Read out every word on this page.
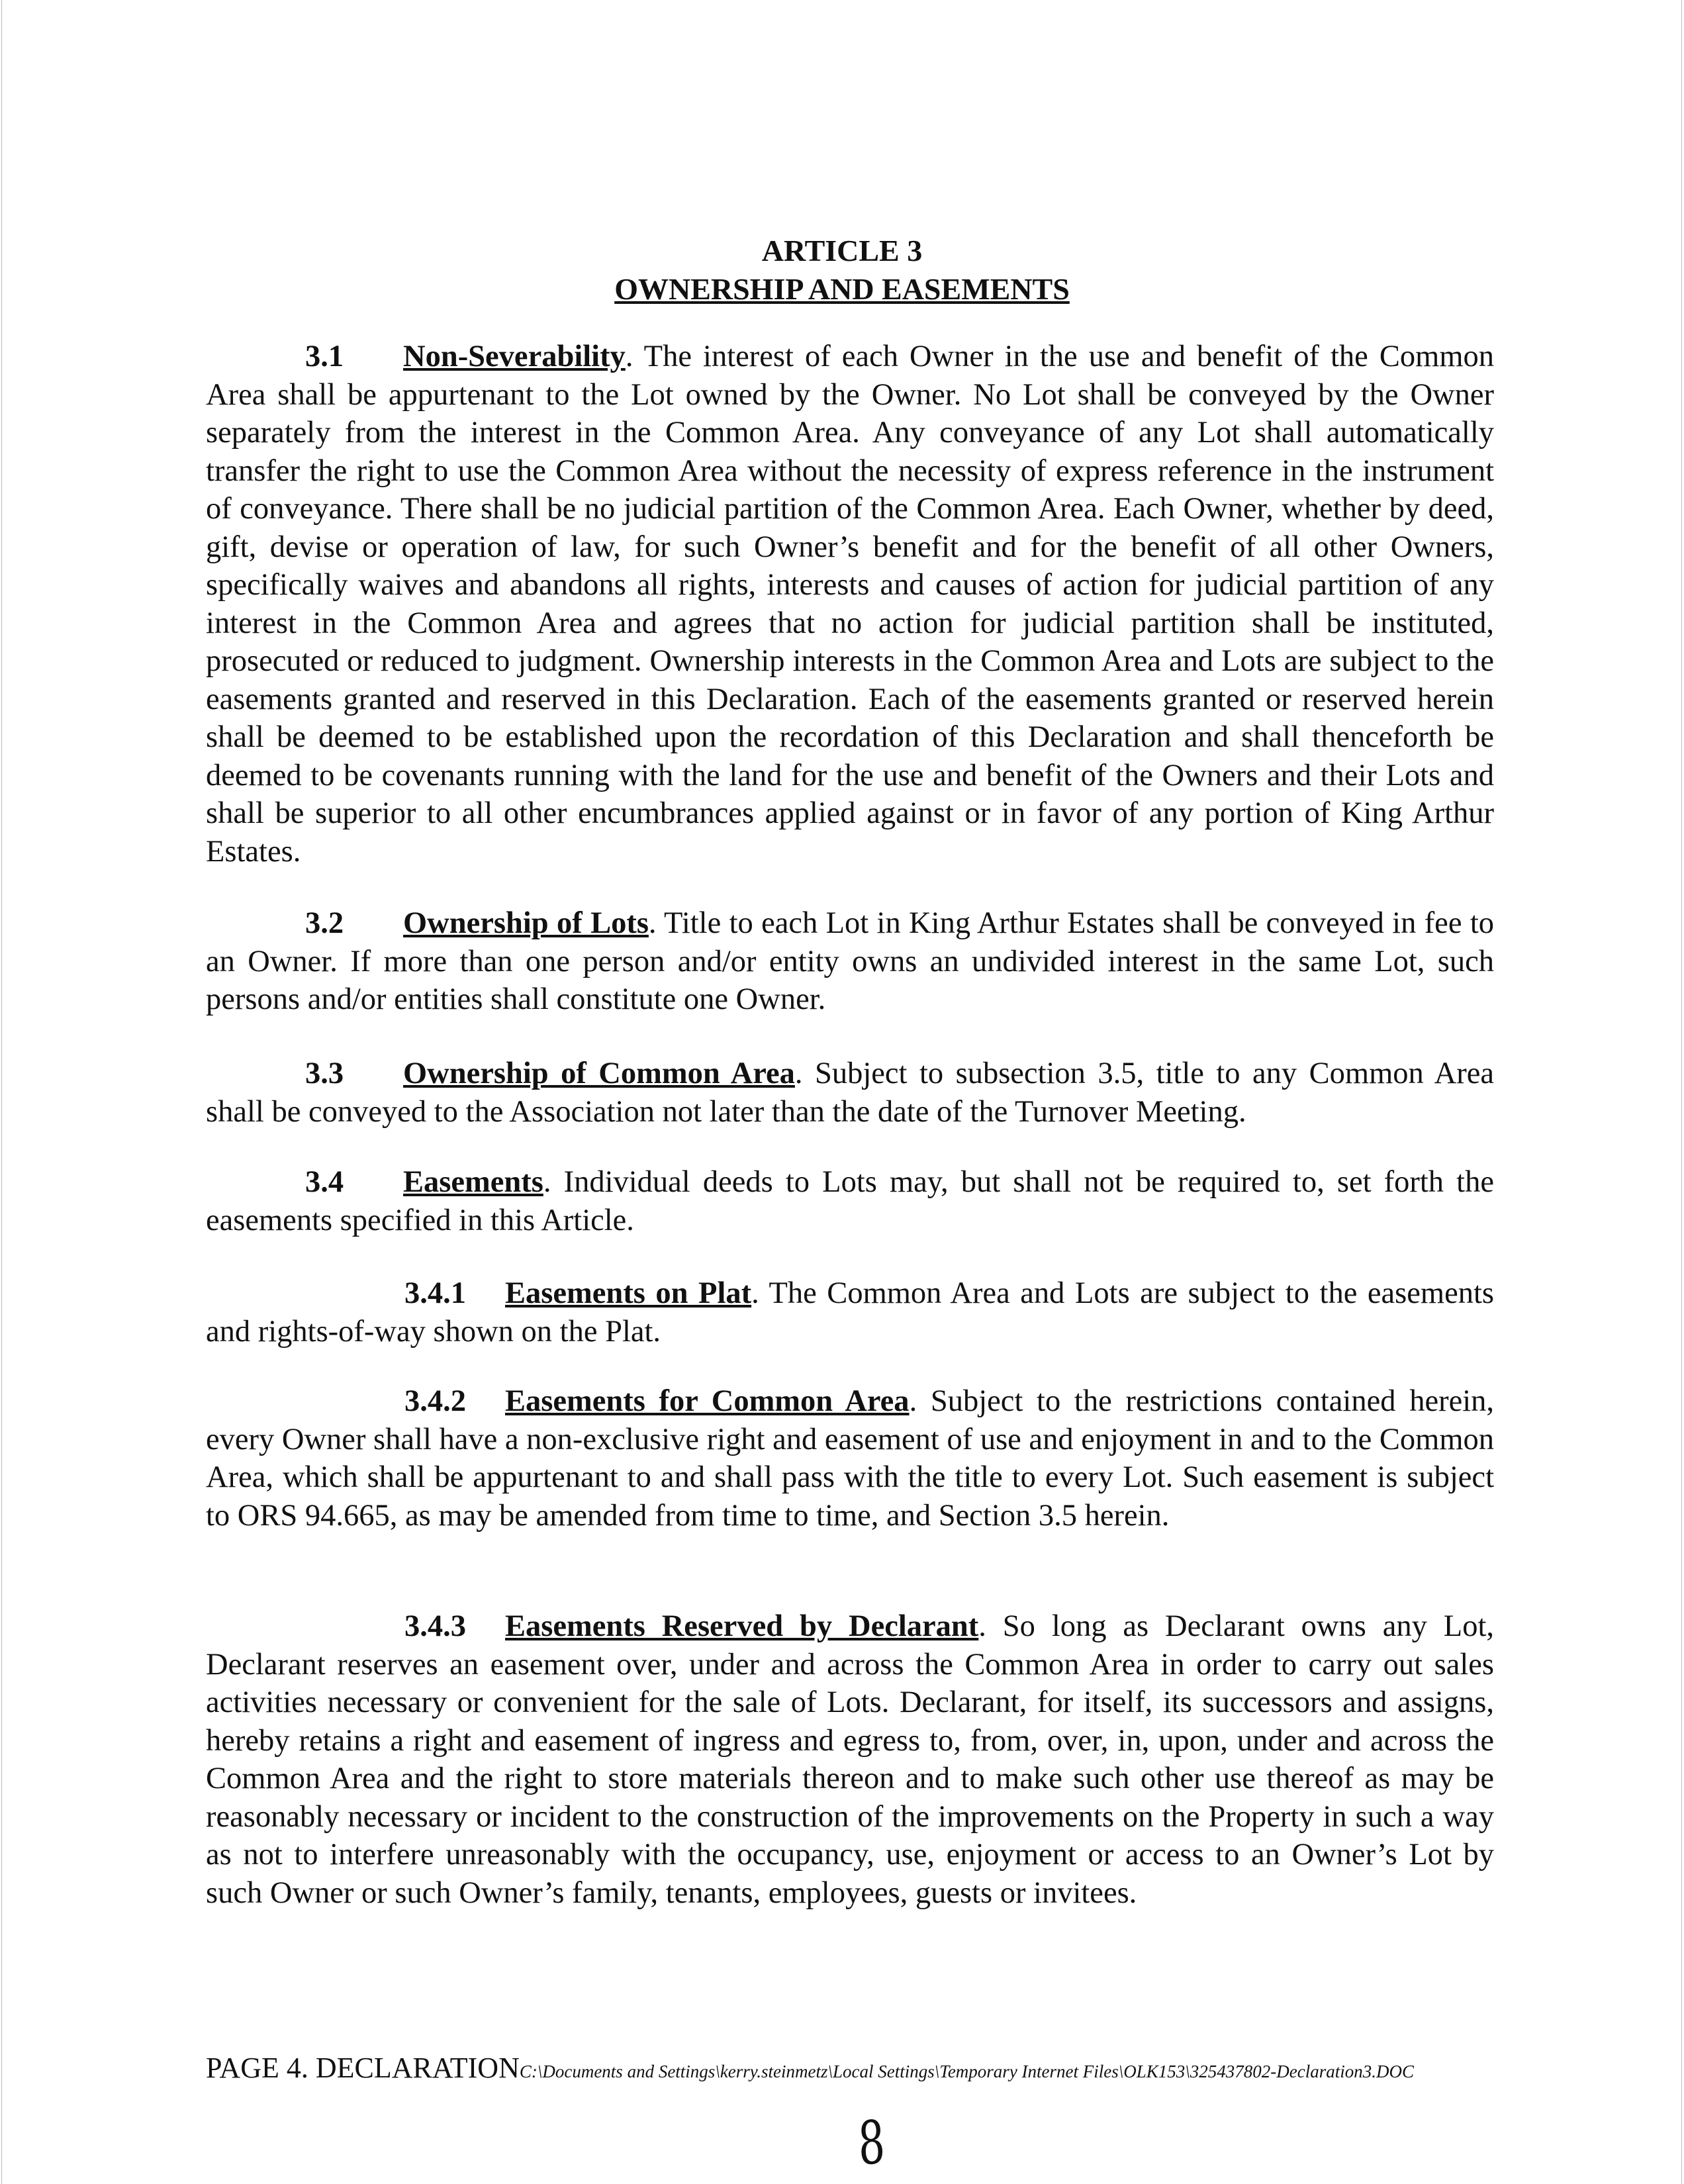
ARTICLE 3
OWNERSHIP AND EASEMENTS
3.1 Non-Severability. The interest of each Owner in the use and benefit of the Common Area shall be appurtenant to the Lot owned by the Owner. No Lot shall be conveyed by the Owner separately from the interest in the Common Area. Any conveyance of any Lot shall automatically transfer the right to use the Common Area without the necessity of express reference in the instrument of conveyance. There shall be no judicial partition of the Common Area. Each Owner, whether by deed, gift, devise or operation of law, for such Owner’s benefit and for the benefit of all other Owners, specifically waives and abandons all rights, interests and causes of action for judicial partition of any interest in the Common Area and agrees that no action for judicial partition shall be instituted, prosecuted or reduced to judgment. Ownership interests in the Common Area and Lots are subject to the easements granted and reserved in this Declaration. Each of the easements granted or reserved herein shall be deemed to be established upon the recordation of this Declaration and shall thenceforth be deemed to be covenants running with the land for the use and benefit of the Owners and their Lots and shall be superior to all other encumbrances applied against or in favor of any portion of King Arthur Estates.
3.2 Ownership of Lots. Title to each Lot in King Arthur Estates shall be conveyed in fee to an Owner. If more than one person and/or entity owns an undivided interest in the same Lot, such persons and/or entities shall constitute one Owner.
3.3 Ownership of Common Area. Subject to subsection 3.5, title to any Common Area shall be conveyed to the Association not later than the date of the Turnover Meeting.
3.4 Easements. Individual deeds to Lots may, but shall not be required to, set forth the easements specified in this Article.
3.4.1 Easements on Plat. The Common Area and Lots are subject to the easements and rights-of-way shown on the Plat.
3.4.2 Easements for Common Area. Subject to the restrictions contained herein, every Owner shall have a non-exclusive right and easement of use and enjoyment in and to the Common Area, which shall be appurtenant to and shall pass with the title to every Lot. Such easement is subject to ORS 94.665, as may be amended from time to time, and Section 3.5 herein.
3.4.3 Easements Reserved by Declarant. So long as Declarant owns any Lot, Declarant reserves an easement over, under and across the Common Area in order to carry out sales activities necessary or convenient for the sale of Lots. Declarant, for itself, its successors and assigns, hereby retains a right and easement of ingress and egress to, from, over, in, upon, under and across the Common Area and the right to store materials thereon and to make such other use thereof as may be reasonably necessary or incident to the construction of the improvements on the Property in such a way as not to interfere unreasonably with the occupancy, use, enjoyment or access to an Owner’s Lot by such Owner or such Owner’s family, tenants, employees, guests or invitees.
PAGE 4. DECLARATIONC:\Documents and Settings\kerry.steinmetz\Local Settings\Temporary Internet Files\OLK153\325437802-Declaration3.DOC
8
